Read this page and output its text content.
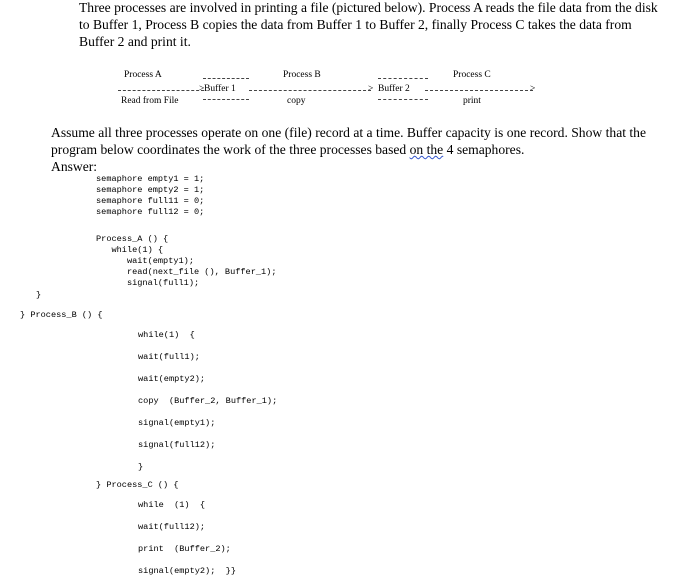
Three processes are involved in printing a file (pictured below). Process A reads the file data from the disk to Buffer 1, Process B copies the data from Buffer 1 to Buffer 2, finally Process C takes the data from Buffer 2 and print it.
Process A
Read from File
> Buffer 1	>
Process B
copy
Buffer 2	>
Process C
print
Assume all three processes operate on one (file) record at a time. Buffer capacity is one record. Show that the program below coordinates the work of the three processes based on the 4 semaphores.
Answer:
semaphore empty1 = 1;
semaphore empty2 = 1;
semaphore full11 = 0;
semaphore full12 = 0;
Process_A () {
while(1) {
wait(empty1);
read(next_file (), Buffer_1);
signal(full1);
}
} Process_B () {
while(1)  {
wait(full1);
wait(empty2);
copy  (Buffer_2, Buffer_1);
signal(empty1);
signal(full12);
}
} Process_C () {
while  (1)  {
wait(full12);
print  (Buffer_2);
signal(empty2);  }}
